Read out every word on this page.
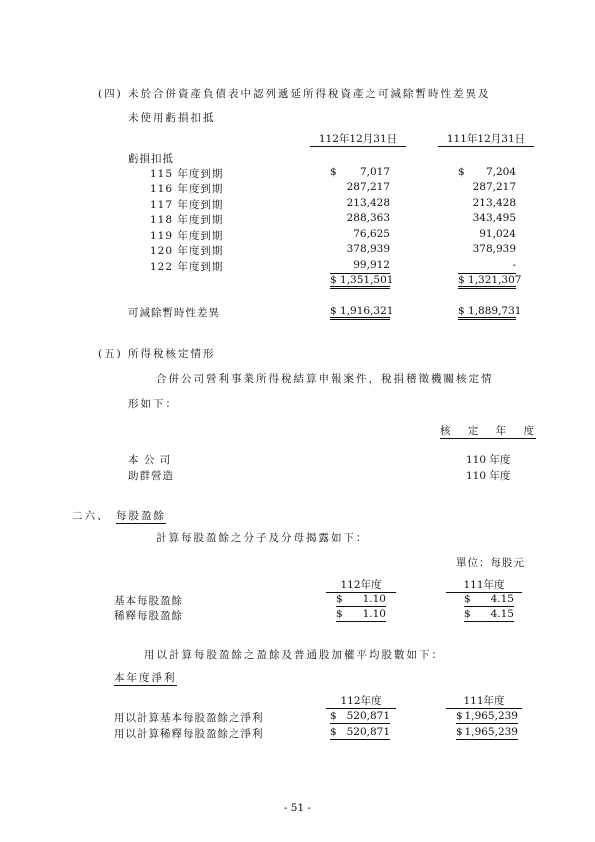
(四) 未於合併資產負債表中認列遞延所得稅資產之可減除暫時性差異及
未使用虧損扣抵
112年12月31日	111年12月31日
虧損扣抵
115 年度到期	$ 7,017	$ 7,204
116 年度到期	287,217	287,217
117 年度到期	213,428	213,428
118 年度到期	288,363	343,495
119 年度到期	76,625	91,024
120 年度到期	378,939	378,939
122 年度到期	99,912	-
$ 1,351,501	$ 1,321,307
可減除暫時性差異	$ 1,916,321	$ 1,889,731
(五) 所得稅核定情形
合併公司營利事業所得稅結算申報案件，稅捐稽徵機關核定情
形如下：
核 定 年 度
本 公 司	110 年度
助群營造	110 年度
二六、 每股盈餘
計算每股盈餘之分子及分母揭露如下：
單位：每股元
112年度	111年度
基本每股盈餘	$ 1.10	$ 4.15
稀釋每股盈餘	$ 1.10	$ 4.15
用以計算每股盈餘之盈餘及普通股加權平均股數如下：
本年度淨利
112年度	111年度
用以計算基本每股盈餘之淨利	$ 520,871	$ 1,965,239
用以計算稀釋每股盈餘之淨利	$ 520,871	$ 1,965,239
- 51 -
